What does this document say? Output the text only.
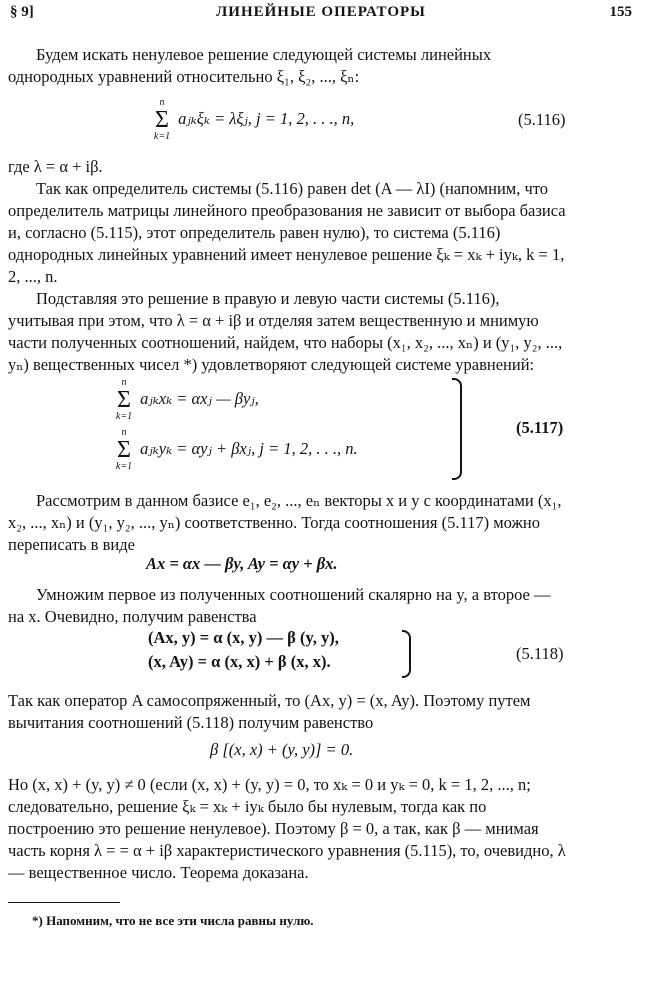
§ 9]	ЛИНЕЙНЫЕ ОПЕРАТОРЫ	155
Будем искать ненулевое решение следующей системы линейных однородных уравнений относительно ξ₁, ξ₂, ..., ξₙ:
n
Σ
k=1
aⱼₖξₖ = λξⱼ, j = 1, 2, . . ., n,	(5.116)
где λ = α + iβ.
Так как определитель системы (5.116) равен det (A — λI) (напомним, что определитель матрицы линейного преобразования не зависит от выбора базиса и, согласно (5.115), этот определитель равен нулю), то система (5.116) однородных линейных уравнений имеет ненулевое решение ξₖ = xₖ + iyₖ, k = 1, 2, ..., n.
Подставляя это решение в правую и левую части системы (5.116), учитывая при этом, что λ = α + iβ и отделяя затем вещественную и мнимую части полученных соотношений, найдем, что наборы (x₁, x₂, ..., xₙ) и (y₁, y₂, ..., yₙ) вещественных чисел *) удовлетворяют следующей системе уравнений:
n
Σ
k=1
aⱼₖxₖ = αxⱼ — βyⱼ,
n
Σ
k=1
aⱼₖyₖ = αyⱼ + βxⱼ, j = 1, 2, . . ., n.
(5.117)
Рассмотрим в данном базисе e₁, e₂, ..., eₙ векторы x и y с координатами (x₁, x₂, ..., xₙ) и (y₁, y₂, ..., yₙ) соответственно. Тогда соотношения (5.117) можно переписать в виде
Ax = αx — βy, Ay = αy + βx.
Умножим первое из полученных соотношений скалярно на y, а второе — на x. Очевидно, получим равенства
(Ax, y) = α (x, y) — β (y, y),
(x, Ay) = α (x, x) + β (x, x).	(5.118)
Так как оператор A самосопряженный, то (Ax, y) = (x, Ay). Поэтому путем вычитания соотношений (5.118) получим равенство
β [(x, x) + (y, y)] = 0.
Но (x, x) + (y, y) ≠ 0 (если (x, x) + (y, y) = 0, то xₖ = 0 и yₖ = 0, k = 1, 2, ..., n; следовательно, решение ξₖ = xₖ + iyₖ было бы нулевым, тогда как по построению это решение ненулевое). Поэтому β = 0, а так, как β — мнимая часть корня λ = = α + iβ характеристического уравнения (5.115), то, очевидно, λ — вещественное число. Теорема доказана.
*) Напомним, что не все эти числа равны нулю.
